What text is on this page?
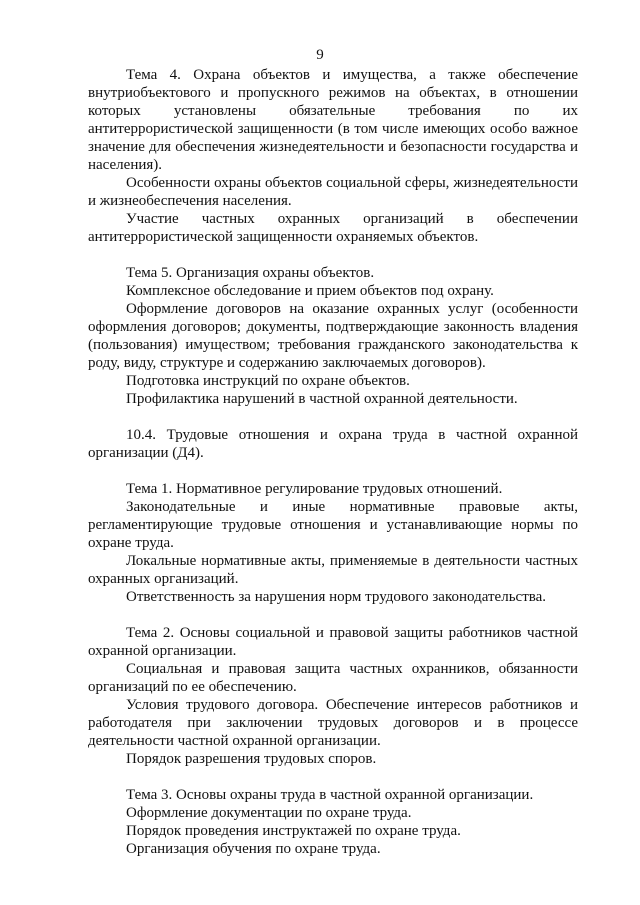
9

Тема 4. Охрана объектов и имущества, а также обеспечение внутриобъектового и пропускного режимов на объектах, в отношении которых установлены обязательные требования по их антитеррористической защищенности (в том числе имеющих особо важное значение для обеспечения жизнедеятельности и безопасности государства и населения).

Особенности охраны объектов социальной сферы, жизнедеятельности и жизнеобеспечения населения.

Участие частных охранных организаций в обеспечении антитеррористической защищенности охраняемых объектов.

Тема 5. Организация охраны объектов.

Комплексное обследование и прием объектов под охрану.

Оформление договоров на оказание охранных услуг (особенности оформления договоров; документы, подтверждающие законность владения (пользования) имуществом; требования гражданского законодательства к роду, виду, структуре и содержанию заключаемых договоров).

Подготовка инструкций по охране объектов.

Профилактика нарушений в частной охранной деятельности.

10.4. Трудовые отношения и охрана труда в частной охранной организации (Д4).

Тема 1. Нормативное регулирование трудовых отношений.

Законодательные и иные нормативные правовые акты, регламентирующие трудовые отношения и устанавливающие нормы по охране труда.

Локальные нормативные акты, применяемые в деятельности частных охранных организаций.

Ответственность за нарушения норм трудового законодательства.

Тема 2. Основы социальной и правовой защиты работников частной охранной организации.

Социальная и правовая защита частных охранников, обязанности организаций по ее обеспечению.

Условия трудового договора. Обеспечение интересов работников и работодателя при заключении трудовых договоров и в процессе деятельности частной охранной организации.

Порядок разрешения трудовых споров.

Тема 3. Основы охраны труда в частной охранной организации.

Оформление документации по охране труда.

Порядок проведения инструктажей по охране труда.

Организация обучения по охране труда.
